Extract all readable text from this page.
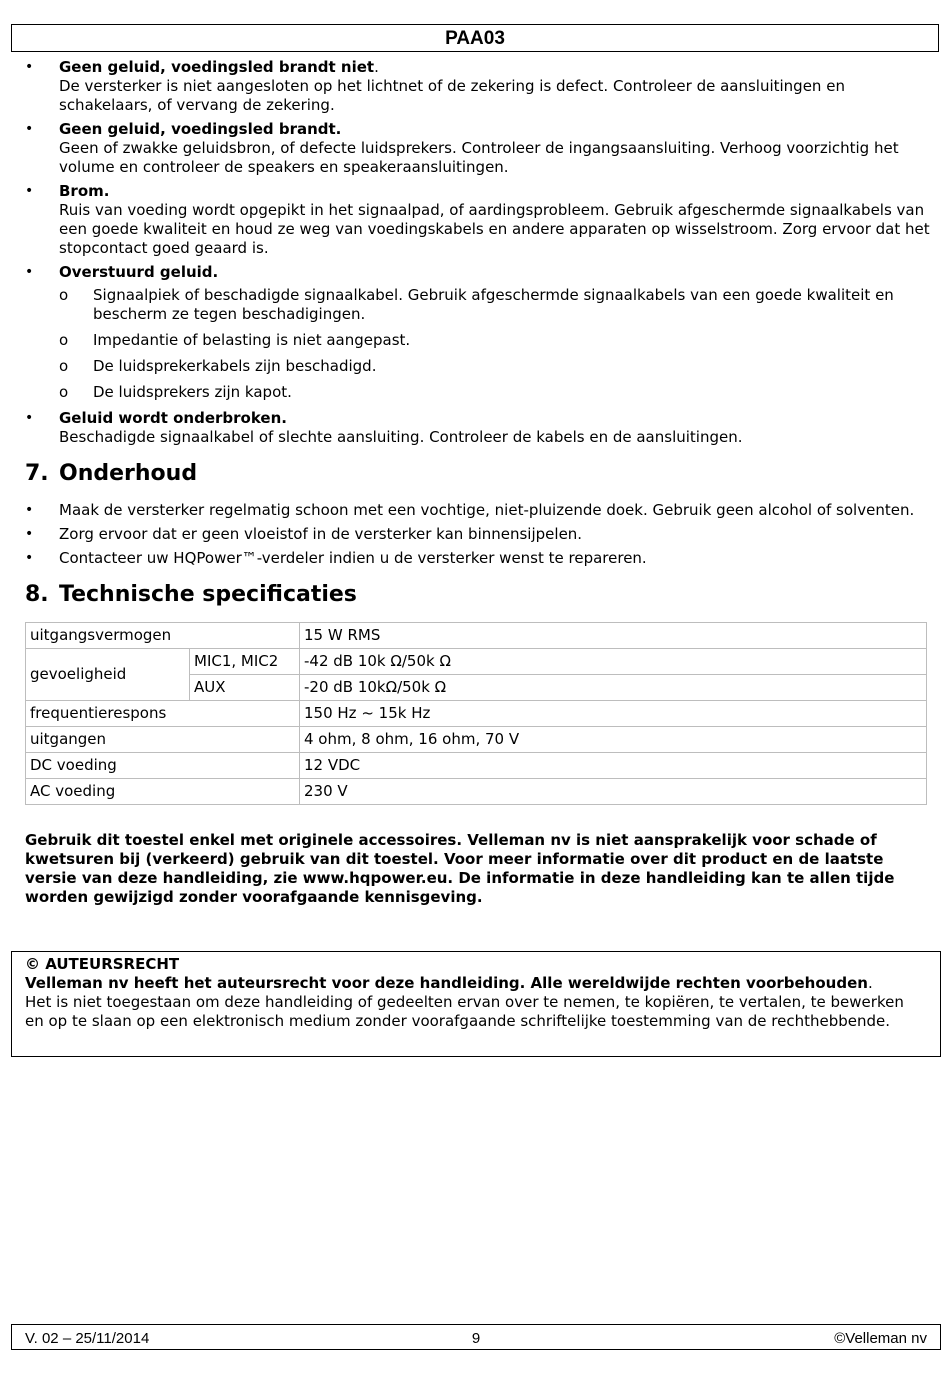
PAA03
• Geen geluid, voedingsled brandt niet.
De versterker is niet aangesloten op het lichtnet of de zekering is defect. Controleer de aansluitingen en schakelaars, of vervang de zekering.
• Geen geluid, voedingsled brandt.
Geen of zwakke geluidsbron, of defecte luidsprekers. Controleer de ingangsaansluiting. Verhoog voorzichtig het volume en controleer de speakers en speakeraansluitingen.
• Brom.
Ruis van voeding wordt opgepikt in het signaalpad, of aardingsprobleem. Gebruik afgeschermde signaalkabels van een goede kwaliteit en houd ze weg van voedingskabels en andere apparaten op wisselstroom. Zorg ervoor dat het stopcontact goed geaard is.
• Overstuurd geluid.
o Signaalpiek of beschadigde signaalkabel. Gebruik afgeschermde signaalkabels van een goede kwaliteit en bescherm ze tegen beschadigingen.
o Impedantie of belasting is niet aangepast.
o De luidsprekerkabels zijn beschadigd.
o De luidsprekers zijn kapot.
• Geluid wordt onderbroken.
Beschadigde signaalkabel of slechte aansluiting. Controleer de kabels en de aansluitingen.
7. Onderhoud
• Maak de versterker regelmatig schoon met een vochtige, niet-pluizende doek. Gebruik geen alcohol of solventen.
• Zorg ervoor dat er geen vloeistof in de versterker kan binnensijpelen.
• Contacteer uw HQPower™-verdeler indien u de versterker wenst te repareren.
8. Technische specificaties
uitgangsvermogen		15 W RMS
gevoeligheid	MIC1, MIC2	-42 dB 10k Ω/50k Ω
	AUX	-20 dB 10kΩ/50k Ω
frequentierespons		150 Hz ~ 15k Hz
uitgangen		4 ohm, 8 ohm, 16 ohm, 70 V
DC voeding		12 VDC
AC voeding		230 V
Gebruik dit toestel enkel met originele accessoires. Velleman nv is niet aansprakelijk voor schade of kwetsuren bij (verkeerd) gebruik van dit toestel. Voor meer informatie over dit product en de laatste versie van deze handleiding, zie www.hqpower.eu. De informatie in deze handleiding kan te allen tijde worden gewijzigd zonder voorafgaande kennisgeving.

© AUTEURSRECHT

Velleman nv heeft het auteursrecht voor deze handleiding. Alle wereldwijde rechten voorbehouden.

Het is niet toegestaan om deze handleiding of gedeelten ervan over te nemen, te kopiëren, te vertalen, te bewerken en op te slaan op een elektronisch medium zonder voorafgaande schriftelijke toestemming van de rechthebbende.

V. 02 – 25/11/2014	9	©Velleman nv
